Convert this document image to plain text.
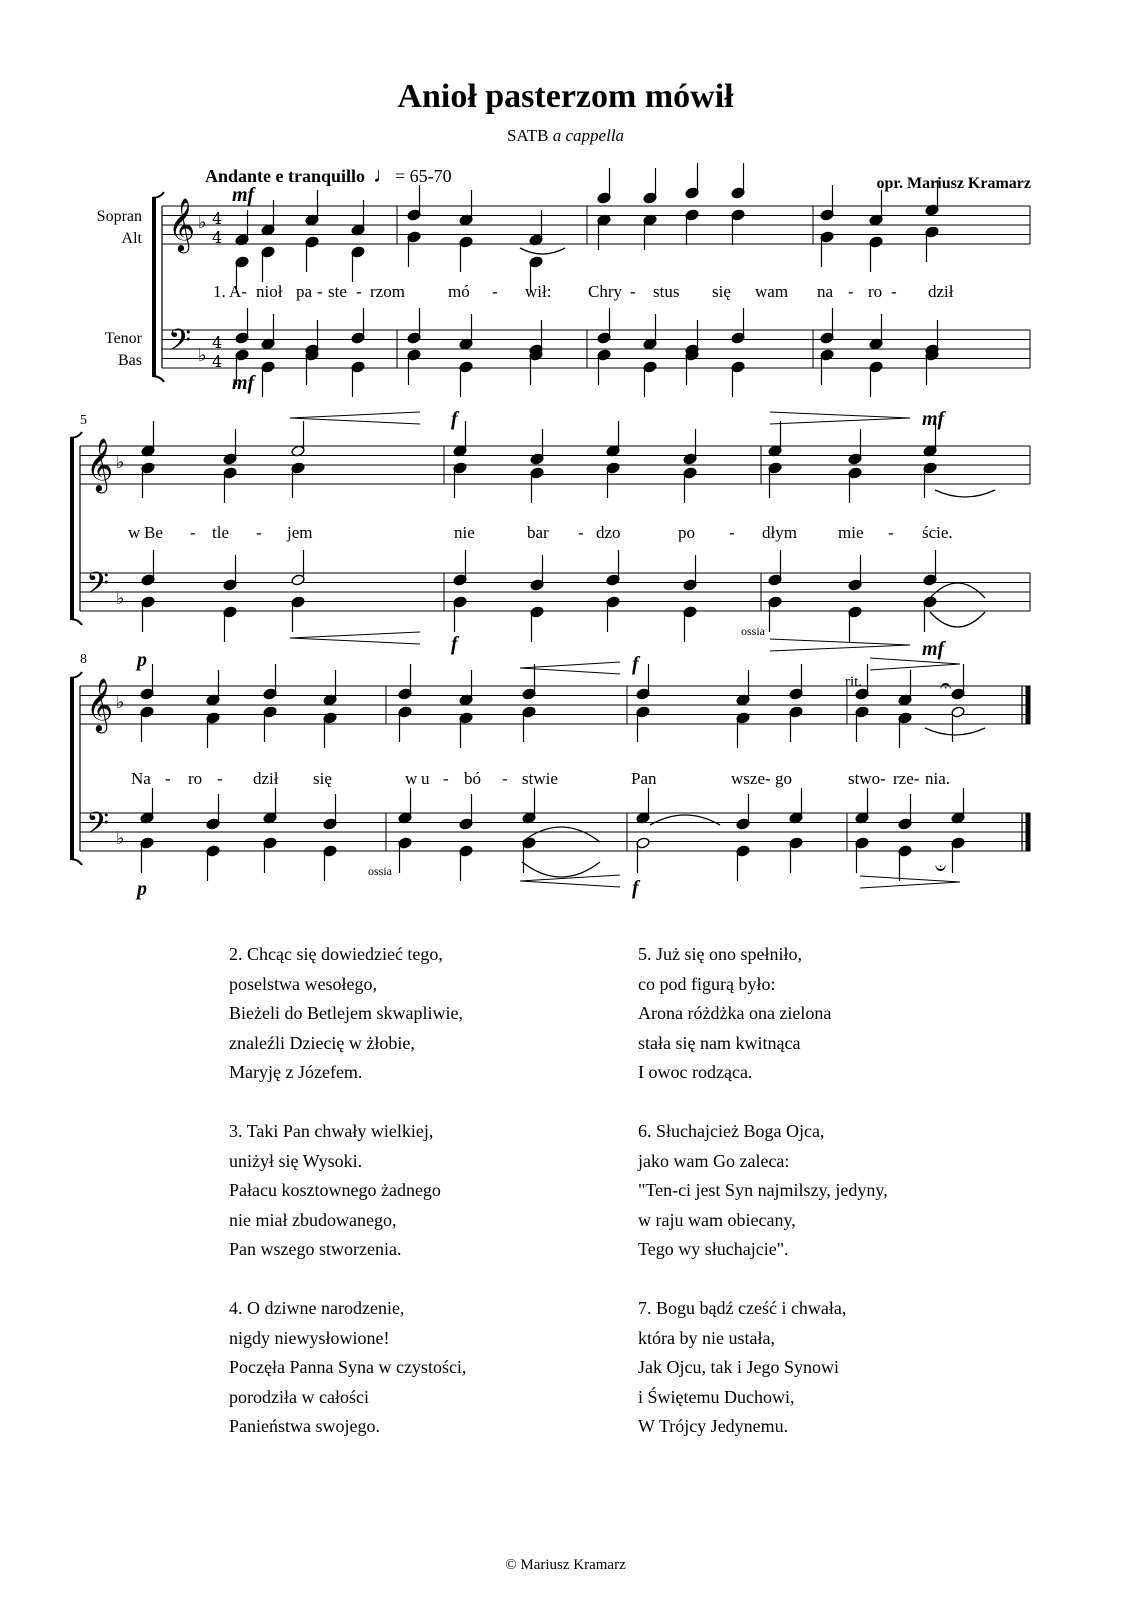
Anioł pasterzom mówił
SATB a cappella
Andante e tranquillo ♩= 65-70	opr. Mariusz Kramarz
Sopran
Alt
Tenor
Bas
5
8
mf
mf
f
f
mf
mf
p
p
f
f
ossia
ossia
rit.
1. A- nioł pa - ste - rzom	mó - wił: Chry - stus się wam na - ro - dził
w Be - tle - jem	nie	bar - dzo	po - dłym mie - ście.
Na - ro - dził się	w u - bó - stwie	Pan	wsze- go	stwo- rze- nia.
𝄞 ♭ 4
4
𝄢 ♭
4
4
𝄞 ♭
𝄢 ♭
𝄞 ♭
𝄢 ♭
𝄐
𝄑
2. Chcąc się dowiedzieć tego,
poselstwa wesołego,
Bieżeli do Betlejem skwapliwie,
znaleźli Dziecię w żłobie,
Maryję z Józefem.
3. Taki Pan chwały wielkiej,
uniżył się Wysoki.
Pałacu kosztownego żadnego
nie miał zbudowanego,
Pan wszego stworzenia.
4. O dziwne narodzenie,
nigdy niewysłowione!
Poczęła Panna Syna w czystości,
porodziła w całości
Panieństwa swojego.
5. Już się ono spełniło,
co pod figurą było:
Arona różdżka ona zielona
stała się nam kwitnąca
I owoc rodząca.
6. Słuchajcież Boga Ojca,
jako wam Go zaleca:
"Ten-ci jest Syn najmilszy, jedyny,
w raju wam obiecany,
Tego wy słuchajcie".
7. Bogu bądź cześć i chwała,
która by nie ustała,
Jak Ojcu, tak i Jego Synowi
i Świętemu Duchowi,
W Trójcy Jedynemu.
© Mariusz Kramarz
